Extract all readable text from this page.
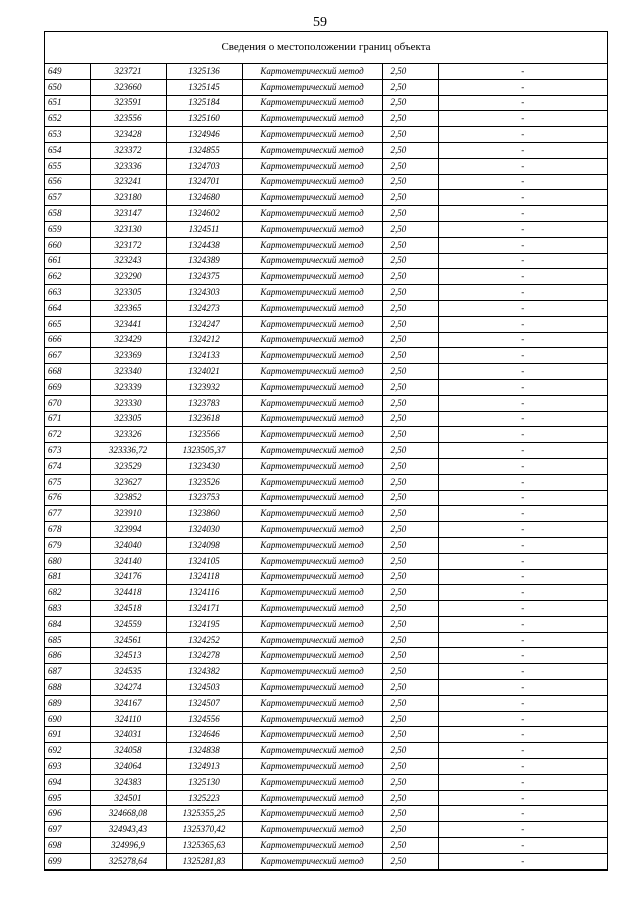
59
Сведения о местоположении границ объекта
649	323721	1325136	Картометрический метод	2,50	-
650	323660	1325145	Картометрический метод	2,50	-
651	323591	1325184	Картометрический метод	2,50	-
652	323556	1325160	Картометрический метод	2,50	-
653	323428	1324946	Картометрический метод	2,50	-
654	323372	1324855	Картометрический метод	2,50	-
655	323336	1324703	Картометрический метод	2,50	-
656	323241	1324701	Картометрический метод	2,50	-
657	323180	1324680	Картометрический метод	2,50	-
658	323147	1324602	Картометрический метод	2,50	-
659	323130	1324511	Картометрический метод	2,50	-
660	323172	1324438	Картометрический метод	2,50	-
661	323243	1324389	Картометрический метод	2,50	-
662	323290	1324375	Картометрический метод	2,50	-
663	323305	1324303	Картометрический метод	2,50	-
664	323365	1324273	Картометрический метод	2,50	-
665	323441	1324247	Картометрический метод	2,50	-
666	323429	1324212	Картометрический метод	2,50	-
667	323369	1324133	Картометрический метод	2,50	-
668	323340	1324021	Картометрический метод	2,50	-
669	323339	1323932	Картометрический метод	2,50	-
670	323330	1323783	Картометрический метод	2,50	-
671	323305	1323618	Картометрический метод	2,50	-
672	323326	1323566	Картометрический метод	2,50	-
673	323336,72	1323505,37	Картометрический метод	2,50	-
674	323529	1323430	Картометрический метод	2,50	-
675	323627	1323526	Картометрический метод	2,50	-
676	323852	1323753	Картометрический метод	2,50	-
677	323910	1323860	Картометрический метод	2,50	-
678	323994	1324030	Картометрический метод	2,50	-
679	324040	1324098	Картометрический метод	2,50	-
680	324140	1324105	Картометрический метод	2,50	-
681	324176	1324118	Картометрический метод	2,50	-
682	324418	1324116	Картометрический метод	2,50	-
683	324518	1324171	Картометрический метод	2,50	-
684	324559	1324195	Картометрический метод	2,50	-
685	324561	1324252	Картометрический метод	2,50	-
686	324513	1324278	Картометрический метод	2,50	-
687	324535	1324382	Картометрический метод	2,50	-
688	324274	1324503	Картометрический метод	2,50	-
689	324167	1324507	Картометрический метод	2,50	-
690	324110	1324556	Картометрический метод	2,50	-
691	324031	1324646	Картометрический метод	2,50	-
692	324058	1324838	Картометрический метод	2,50	-
693	324064	1324913	Картометрический метод	2,50	-
694	324383	1325130	Картометрический метод	2,50	-
695	324501	1325223	Картометрический метод	2,50	-
696	324668,08	1325355,25	Картометрический метод	2,50	-
697	324943,43	1325370,42	Картометрический метод	2,50	-
698	324996,9	1325365,63	Картометрический метод	2,50	-
699	325278,64	1325281,83	Картометрический метод	2,50	-
